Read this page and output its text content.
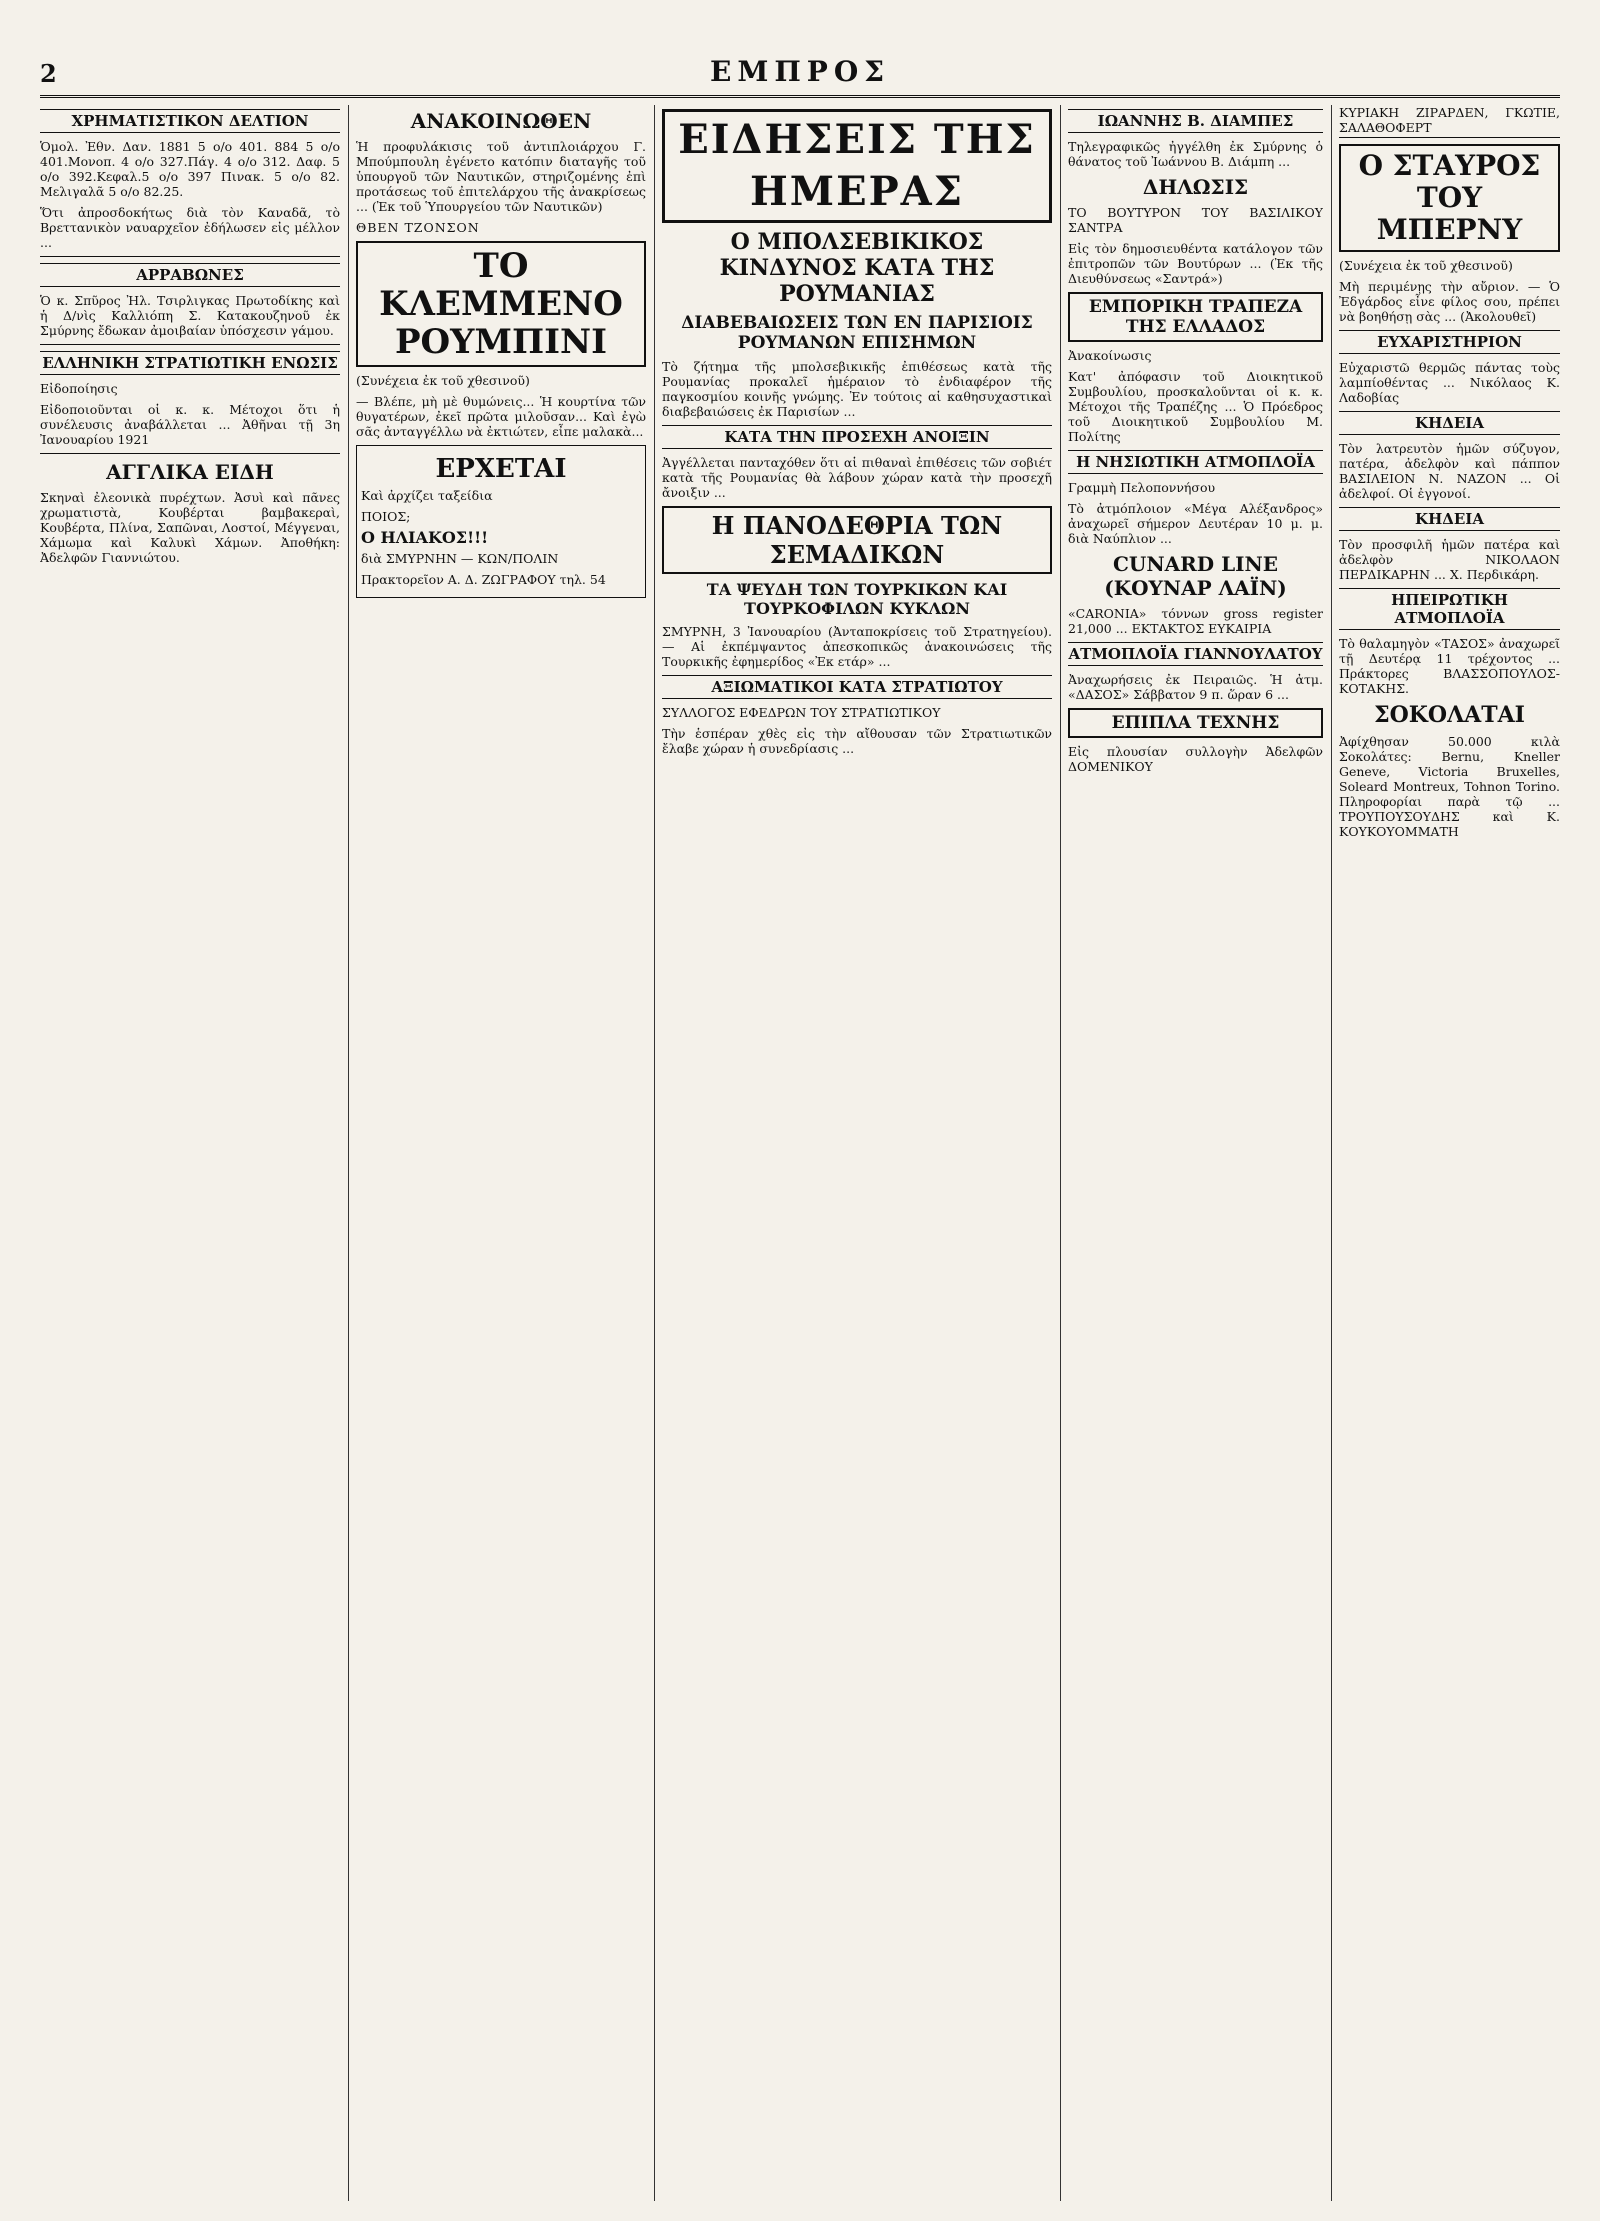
2	ΕΜΠΡΟΣ
ΧΡΗΜΑΤΙΣΤΙΚΟΝ ΔΕΛΤΙΟΝ

Ὁμολ. Ἐθν. Δαν. 1881 5 ο/ο 401. 884 5 ο/ο 401.Μονοπ. 4 ο/ο 327.Πάγ. 4 ο/ο 312. Δαφ. 5 ο/ο 392.Κεφαλ.5 ο/ο 397 Πινακ. 5 ο/ο 82. Μελιγαλᾶ 5 ο/ο 82.25.

Ὅτι ἀπροσδοκήτως διὰ τὸν Καναδᾶ, τὸ Βρεττανικὸν ναυαρχεῖον ἐδήλωσεν εἰς μέλλον ...

ΑΡΡΑΒΩΝΕΣ

Ὁ κ. Σπῦρος Ἠλ. Τσιρλιγκας Πρωτοδίκης καὶ ἡ Δ/νὶς Καλλιόπη Σ. Κατακουζηνοῦ ἐκ Σμύρνης ἔδωκαν ἀμοιβαίαν ὑπόσχεσιν γάμου.

ΕΛΛΗΝΙΚΗ ΣΤΡΑΤΙΩΤΙΚΗ ΕΝΩΣΙΣ

Εἰδοποίησις

Εἰδοποιοῦνται οἱ κ. κ. Μέτοχοι ὅτι ἡ συνέλευσις ἀναβάλλεται ... Ἀθῆναι τῇ 3η Ἰανουαρίου 1921

ΑΓΓΛΙΚΑ ΕΙΔΗ

Σκηναὶ ἐλεονικὰ πυρέχτων. Ἀσυὶ καὶ πᾶνες χρωματιστὰ, Κουβέρται βαμβακεραὶ, Κουβέρτα, Πλίνα, Σαπῶναι, Λοστοί, Μέγγεναι, Χάμωμα καὶ Καλυκὶ Χάμων. Ἀποθήκη: Ἀδελφῶν Γιαννιώτου.

ΑΝΑΚΟΙΝΩΘΕΝ

Ἡ προφυλάκισις τοῦ ἀντιπλοιάρχου Γ. Μπούμπουλη ἐγένετο κατόπιν διαταγῆς τοῦ ὑπουργοῦ τῶν Ναυτικῶν, στηριζομένης ἐπὶ προτάσεως τοῦ ἐπιτελάρχου τῆς ἀνακρίσεως ... (Ἐκ τοῦ Ὑπουργείου τῶν Ναυτικῶν)

ΘΒΕΝ ΤΖΟΝΣΟΝ

ΤΟ ΚΛΕΜΜΕΝΟ ΡΟΥΜΠΙΝΙ

(Συνέχεια ἐκ τοῦ χθεσινοῦ)

— Βλέπε, μὴ μὲ θυμώνεις... Ἡ κουρτίνα τῶν θυγατέρων, ἐκεῖ πρῶτα μιλοῦσαν... Καὶ ἐγὼ σᾶς ἀνταγγέλλω νὰ ἐκτιώτεν, εἶπε μαλακὰ...

ΕΡΧΕΤΑΙ

Καὶ ἀρχίζει ταξείδια

ΠΟΙΟΣ;

Ο ΗΛΙΑΚΟΣ!!!

διὰ ΣΜΥΡΝΗΝ — ΚΩΝ/ΠΟΛΙΝ

Πρακτορεῖον Α. Δ. ΖΩΓΡΑΦΟΥ τηλ. 54

ΕΙΔΗΣΕΙΣ ΤΗΣ ΗΜΕΡΑΣ
Ο ΜΠΟΛΣΕΒΙΚΙΚΟΣ ΚΙΝΔΥΝΟΣ ΚΑΤΑ ΤΗΣ ΡΟΥΜΑΝΙΑΣ
ΔΙΑΒΕΒΑΙΩΣΕΙΣ ΤΩΝ ΕΝ ΠΑΡΙΣΙΟΙΣ ΡΟΥΜΑΝΩΝ ΕΠΙΣΗΜΩΝ

Τὸ ζήτημα τῆς μπολσεβικικῆς ἐπιθέσεως κατὰ τῆς Ρουμανίας προκαλεῖ ἡμέραιον τὸ ἐνδιαφέρον τῆς παγκοσμίου κοινῆς γνώμης. Ἐν τούτοις αἱ καθησυχαστικαὶ διαβεβαιώσεις ἐκ Παρισίων ...

ΚΑΤΑ ΤΗΝ ΠΡΟΣΕΧΗ ΑΝΟΙΞΙΝ

Ἀγγέλλεται πανταχόθεν ὅτι αἱ πιθαναὶ ἐπιθέσεις τῶν σοβιέτ κατὰ τῆς Ρουμανίας θὰ λάβουν χώραν κατὰ τὴν προσεχῆ ἄνοιξιν ...

Η ΠΑΝΟΔΕΘΡΙΑ ΤΩΝ ΣΕΜΑΔΙΚΩΝ
ΤΑ ΨΕΥΔΗ ΤΩΝ ΤΟΥΡΚΙΚΩΝ ΚΑΙ ΤΟΥΡΚΟΦΙΛΩΝ ΚΥΚΛΩΝ

ΣΜΥΡΝΗ, 3 Ἰανουαρίου (Ἀνταποκρίσεις τοῦ Στρατηγείου). — Αἱ ἐκπέμψαντος ἀπεσκοπικῶς ἀνακοινώσεις τῆς Τουρκικῆς ἐφημερίδος «Ἐκ ετάρ» ...

ΑΞΙΩΜΑΤΙΚΟΙ ΚΑΤΑ ΣΤΡΑΤΙΩΤΟΥ

ΣΥΛΛΟΓΟΣ ΕΦΕΔΡΩΝ ΤΟΥ ΣΤΡΑΤΙΩΤΙΚΟΥ

Τὴν ἑσπέραν χθὲς εἰς τὴν αἴθουσαν τῶν Στρατιωτικῶν ἔλαβε χώραν ἡ συνεδρίασις ...

ΙΩΑΝΝΗΣ Β. ΔΙΑΜΠΕΣ

Τηλεγραφικῶς ἠγγέλθη ἐκ Σμύρνης ὁ θάνατος τοῦ Ἰωάννου Β. Διάμπη ...

ΔΗΛΩΣΙΣ

ΤΟ ΒΟΥΤΥΡΟΝ ΤΟΥ ΒΑΣΙΛΙΚΟΥ ΣΑΝΤΡΑ

Εἰς τὸν δημοσιευθέντα κατάλογον τῶν ἐπιτροπῶν τῶν Βουτύρων ... (Ἐκ τῆς Διευθύνσεως «Σαντρά»)

ΕΜΠΟΡΙΚΗ ΤΡΑΠΕΖΑ ΤΗΣ ΕΛΛΑΔΟΣ

Ἀνακοίνωσις

Κατ' ἀπόφασιν τοῦ Διοικητικοῦ Συμβουλίου, προσκαλοῦνται οἱ κ. κ. Μέτοχοι τῆς Τραπέζης ... Ὁ Πρόεδρος τοῦ Διοικητικοῦ Συμβουλίου Μ. Πολίτης

Η ΝΗΣΙΩΤΙΚΗ ΑΤΜΟΠΛΟΪΑ

Γραμμὴ Πελοποννήσου

Τὸ ἀτμόπλοιον «Μέγα Αλέξανδρος» ἀναχωρεῖ σήμερον Δευτέραν 10 μ. μ. διὰ Ναύπλιον ...

CUNARD LINE (ΚΟΥΝΑΡ ΛΑΪΝ)

«CARONIA» τόννων gross register 21,000 ... ΕΚΤΑΚΤΟΣ ΕΥΚΑΙΡΙΑ

ΑΤΜΟΠΛΟΪΑ ΓΙΑΝΝΟΥΛΑΤΟΥ

Ἀναχωρήσεις ἐκ Πειραιῶς. Ἡ ἀτμ. «ΔΑΣΟΣ» Σάββατον 9 π. ὥραν 6 ...

ΕΠΙΠΛΑ ΤΕΧΝΗΣ

Εἰς πλουσίαν συλλογὴν Ἀδελφῶν ΔΟΜΕΝΙΚΟΥ

ΚΥΡΙΑΚΗ ΖΙΡΑΡΔΕΝ, ΓΚΩΤΙΕ, ΣΑΛΑΘΟΦΕΡΤ

Ο ΣΤΑΥΡΟΣ ΤΟΥ ΜΠΕΡΝΥ

(Συνέχεια ἐκ τοῦ χθεσινοῦ)

Μὴ περιμένῃς τὴν αὔριον. — Ὁ Ἐδγάρδος εἶνε φίλος σου, πρέπει νὰ βοηθήσῃ σὰς ... (Ἀκολουθεῖ)

ΕΥΧΑΡΙΣΤΗΡΙΟΝ

Εὐχαριστῶ θερμῶς πάντας τοὺς λαμπίοθέντας ... Νικόλαος Κ. Λαδοβίας

ΚΗΔΕΙΑ

Τὸν λατρευτὸν ἡμῶν σύζυγον, πατέρα, ἀδελφὸν καὶ πάππον ΒΑΣΙΛΕΙΟΝ Ν. ΝΑΖΟΝ ... Οἱ ἀδελφοί. Οἱ ἐγγονοί.

ΚΗΔΕΙΑ

Τὸν προσφιλῆ ἡμῶν πατέρα καὶ ἀδελφὸν ΝΙΚΟΛΑΟΝ ΠΕΡΔΙΚΑΡΗΝ ... Χ. Περδικάρη.

ΗΠΕΙΡΩΤΙΚΗ ΑΤΜΟΠΛΟΪΑ

Τὸ θαλαμηγὸν «ΤΑΣΟΣ» ἀναχωρεῖ τῇ Δευτέρᾳ 11 τρέχοντος ... Πράκτορες ΒΛΑΣΣΟΠΟΥΛΟΣ-ΚΟΤΑΚΗΣ.

ΣΟΚΟΛΑΤΑΙ

Ἀφίχθησαν 50.000 κιλὰ Σοκολάτες: Bernu, Kneller Geneve, Victoria Bruxelles, Soleard Montreux, Tohnon Torino. Πληροφορίαι παρὰ τῷ ... ΤΡΟΥΠΟΥΣΟΥΔΗΣ καὶ Κ. ΚΟΥΚΟΥΟΜΜΑΤΗ
